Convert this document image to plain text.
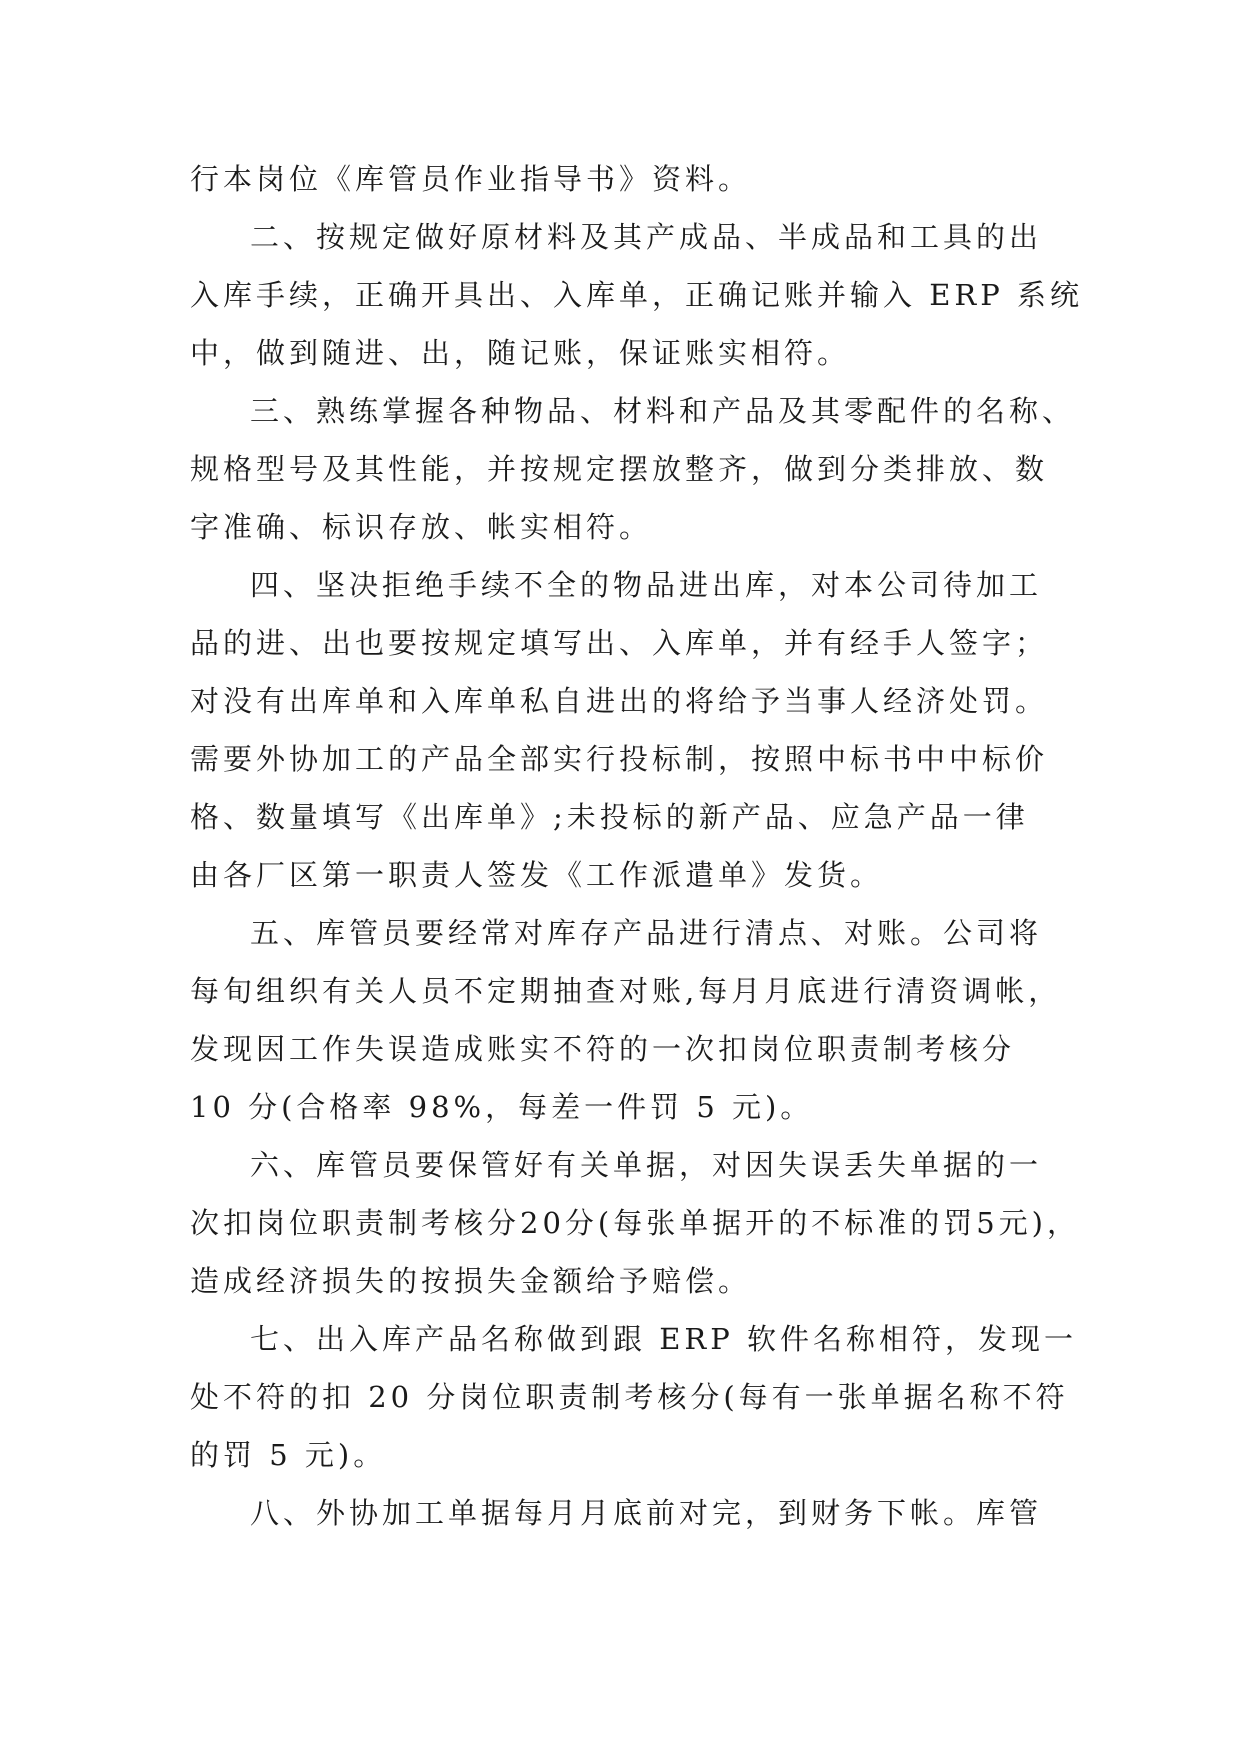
行本岗位《库管员作业指导书》资料。
二、按规定做好原材料及其产成品、半成品和工具的出
入库手续，正确开具出、入库单，正确记账并输入 ERP 系统
中，做到随进、出，随记账，保证账实相符。
三、熟练掌握各种物品、材料和产品及其零配件的名称、
规格型号及其性能，并按规定摆放整齐，做到分类排放、数
字准确、标识存放、帐实相符。
四、坚决拒绝手续不全的物品进出库，对本公司待加工
品的进、出也要按规定填写出、入库单，并有经手人签字；
对没有出库单和入库单私自进出的将给予当事人经济处罚。
需要外协加工的产品全部实行投标制，按照中标书中中标价
格、数量填写《出库单》;未投标的新产品、应急产品一律
由各厂区第一职责人签发《工作派遣单》发货。
五、库管员要经常对库存产品进行清点、对账。公司将
每旬组织有关人员不定期抽查对账,每月月底进行清资调帐，
发现因工作失误造成账实不符的一次扣岗位职责制考核分
10 分(合格率 98%，每差一件罚 5 元)。
六、库管员要保管好有关单据，对因失误丢失单据的一
次扣岗位职责制考核分20分(每张单据开的不标准的罚5元)，
造成经济损失的按损失金额给予赔偿。
七、出入库产品名称做到跟 ERP 软件名称相符，发现一
处不符的扣 20 分岗位职责制考核分(每有一张单据名称不符
的罚 5 元)。
八、外协加工单据每月月底前对完，到财务下帐。库管
